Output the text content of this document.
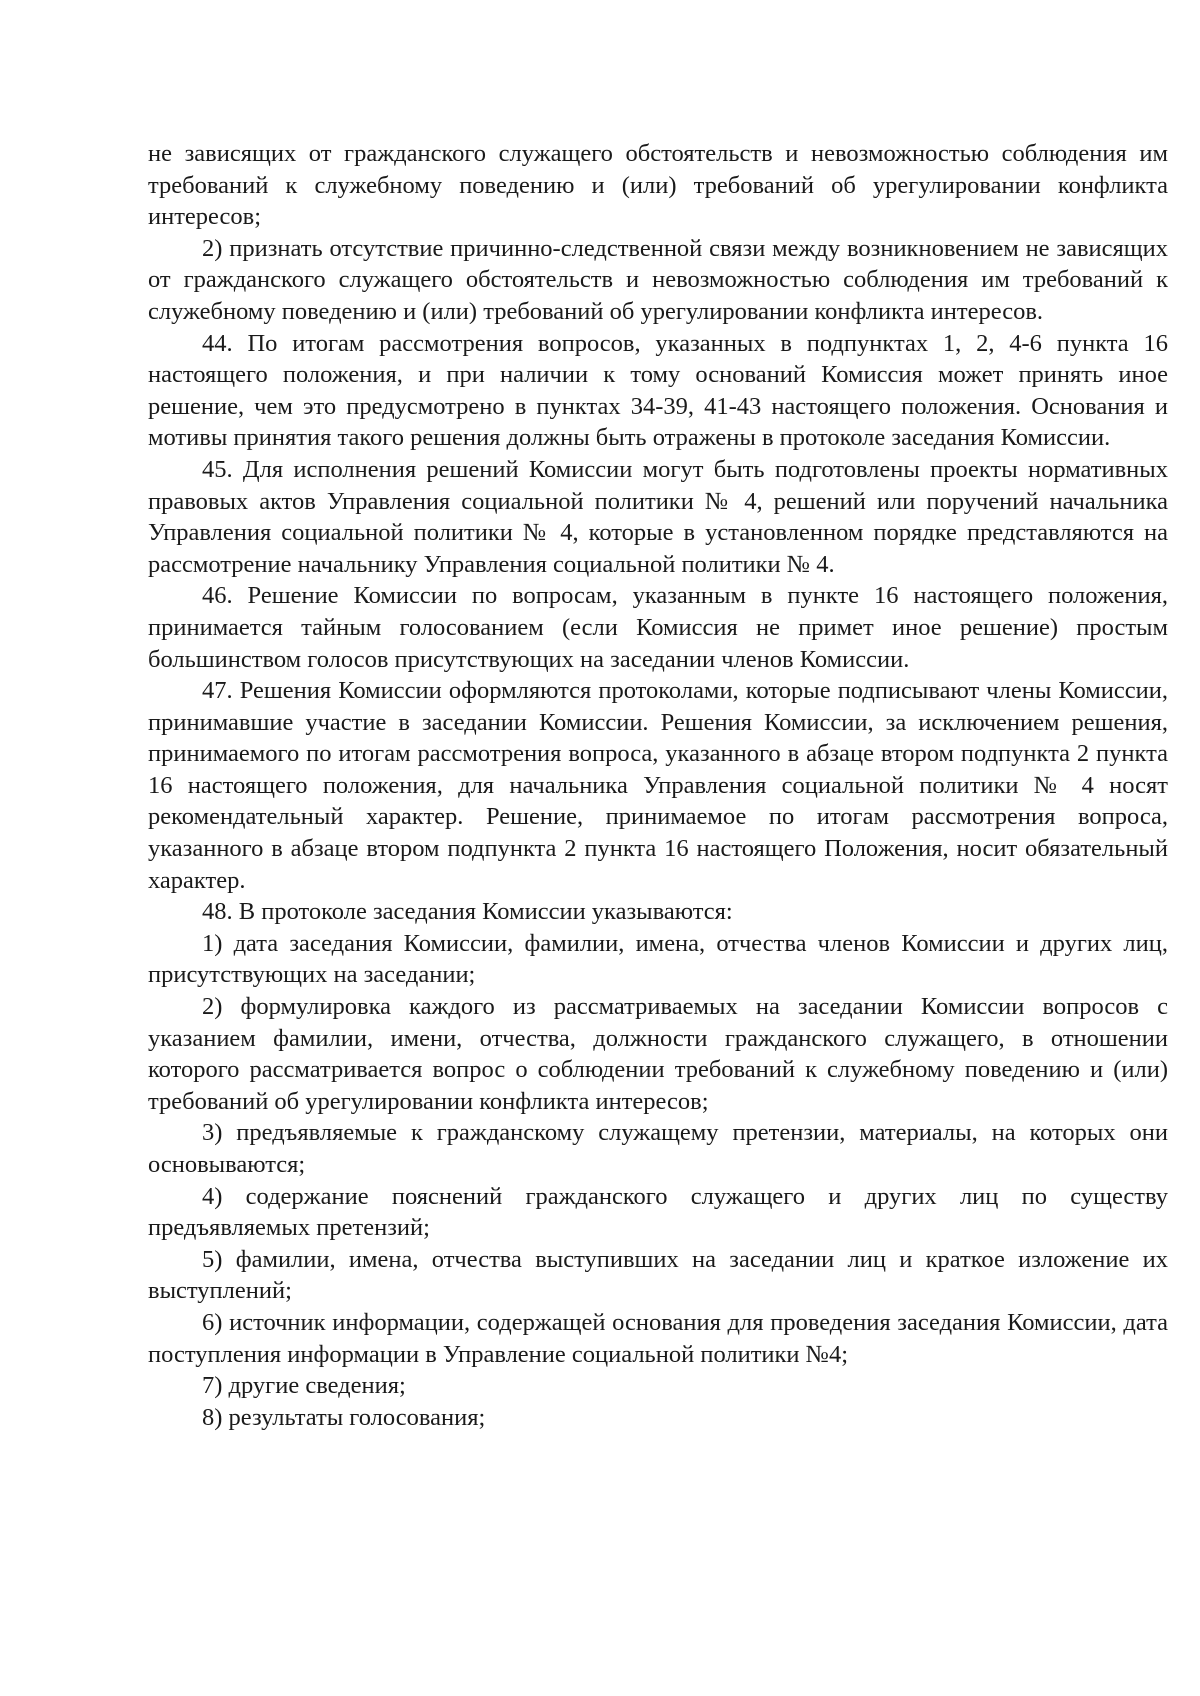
не зависящих от гражданского служащего обстоятельств и невозможностью соблюдения им требований к служебному поведению и (или) требований об урегулировании конфликта интересов;

2) признать отсутствие причинно-следственной связи между возникновением не зависящих от гражданского служащего обстоятельств и невозможностью соблюдения им требований к служебному поведению и (или) требований об урегулировании конфликта интересов.

44. По итогам рассмотрения вопросов, указанных в подпунктах 1, 2, 4-6 пункта 16 настоящего положения, и при наличии к тому оснований Комиссия может принять иное решение, чем это предусмотрено в пунктах 34-39, 41-43 настоящего положения. Основания и мотивы принятия такого решения должны быть отражены в протоколе заседания Комиссии.

45. Для исполнения решений Комиссии могут быть подготовлены проекты нормативных правовых актов Управления социальной политики № 4, решений или поручений начальника Управления социальной политики № 4, которые в установленном порядке представляются на рассмотрение начальнику Управления социальной политики № 4.

46. Решение Комиссии по вопросам, указанным в пункте 16 настоящего положения, принимается тайным голосованием (если Комиссия не примет иное решение) простым большинством голосов присутствующих на заседании членов Комиссии.

47. Решения Комиссии оформляются протоколами, которые подписывают члены Комиссии, принимавшие участие в заседании Комиссии. Решения Комиссии, за исключением решения, принимаемого по итогам рассмотрения вопроса, указанного в абзаце втором подпункта 2 пункта 16 настоящего положения, для начальника Управления социальной политики № 4 носят рекомендательный характер. Решение, принимаемое по итогам рассмотрения вопроса, указанного в абзаце втором подпункта 2 пункта 16 настоящего Положения, носит обязательный характер.

48. В протоколе заседания Комиссии указываются:

1) дата заседания Комиссии, фамилии, имена, отчества членов Комиссии и других лиц, присутствующих на заседании;

2) формулировка каждого из рассматриваемых на заседании Комиссии вопросов с указанием фамилии, имени, отчества, должности гражданского служащего, в отношении которого рассматривается вопрос о соблюдении требований к служебному поведению и (или) требований об урегулировании конфликта интересов;

3) предъявляемые к гражданскому служащему претензии, материалы, на которых они основываются;

4) содержание пояснений гражданского служащего и других лиц по существу предъявляемых претензий;

5) фамилии, имена, отчества выступивших на заседании лиц и краткое изложение их выступлений;

6) источник информации, содержащей основания для проведения заседания Комиссии, дата поступления информации в Управление социальной политики №4;

7) другие сведения;

8) результаты голосования;
